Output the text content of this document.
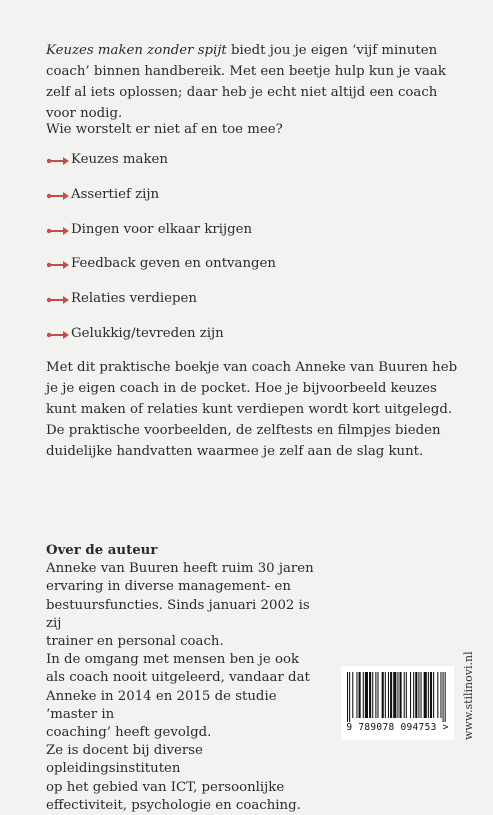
Keuzes maken zonder spijt biedt jou je eigen ‘vijf minuten coach’ binnen handbereik. Met een beetje hulp kun je vaak zelf al iets oplossen; daar heb je echt niet altijd een coach voor nodig.
Wie worstelt er niet af en toe mee?
Keuzes maken
Assertief zijn
Dingen voor elkaar krijgen
Feedback geven en ontvangen
Relaties verdiepen
Gelukkig/tevreden zijn
Met dit praktische boekje van coach Anneke van Buuren heb je je eigen coach in de pocket. Hoe je bijvoorbeeld keuzes kunt maken of relaties kunt verdiepen wordt kort uitgelegd. De praktische voorbeelden, de zelftests en filmpjes bieden duidelijke handvatten waarmee je zelf aan de slag kunt.

Over de auteur

Anneke van Buuren heeft ruim 30 jaren

ervaring in diverse management- en

bestuursfuncties. Sinds januari 2002 is zij

trainer en personal coach.

In de omgang met mensen ben je ook

als coach nooit uitgeleerd, vandaar dat

Anneke in 2014 en 2015 de studie ‘master in

coaching’ heeft gevolgd.

Ze is docent bij diverse opleidingsinstituten

op het gebied van ICT, persoonlijke

effectiviteit, psychologie en coaching.

9 789078 094753 >	www.stilinovi.nl
